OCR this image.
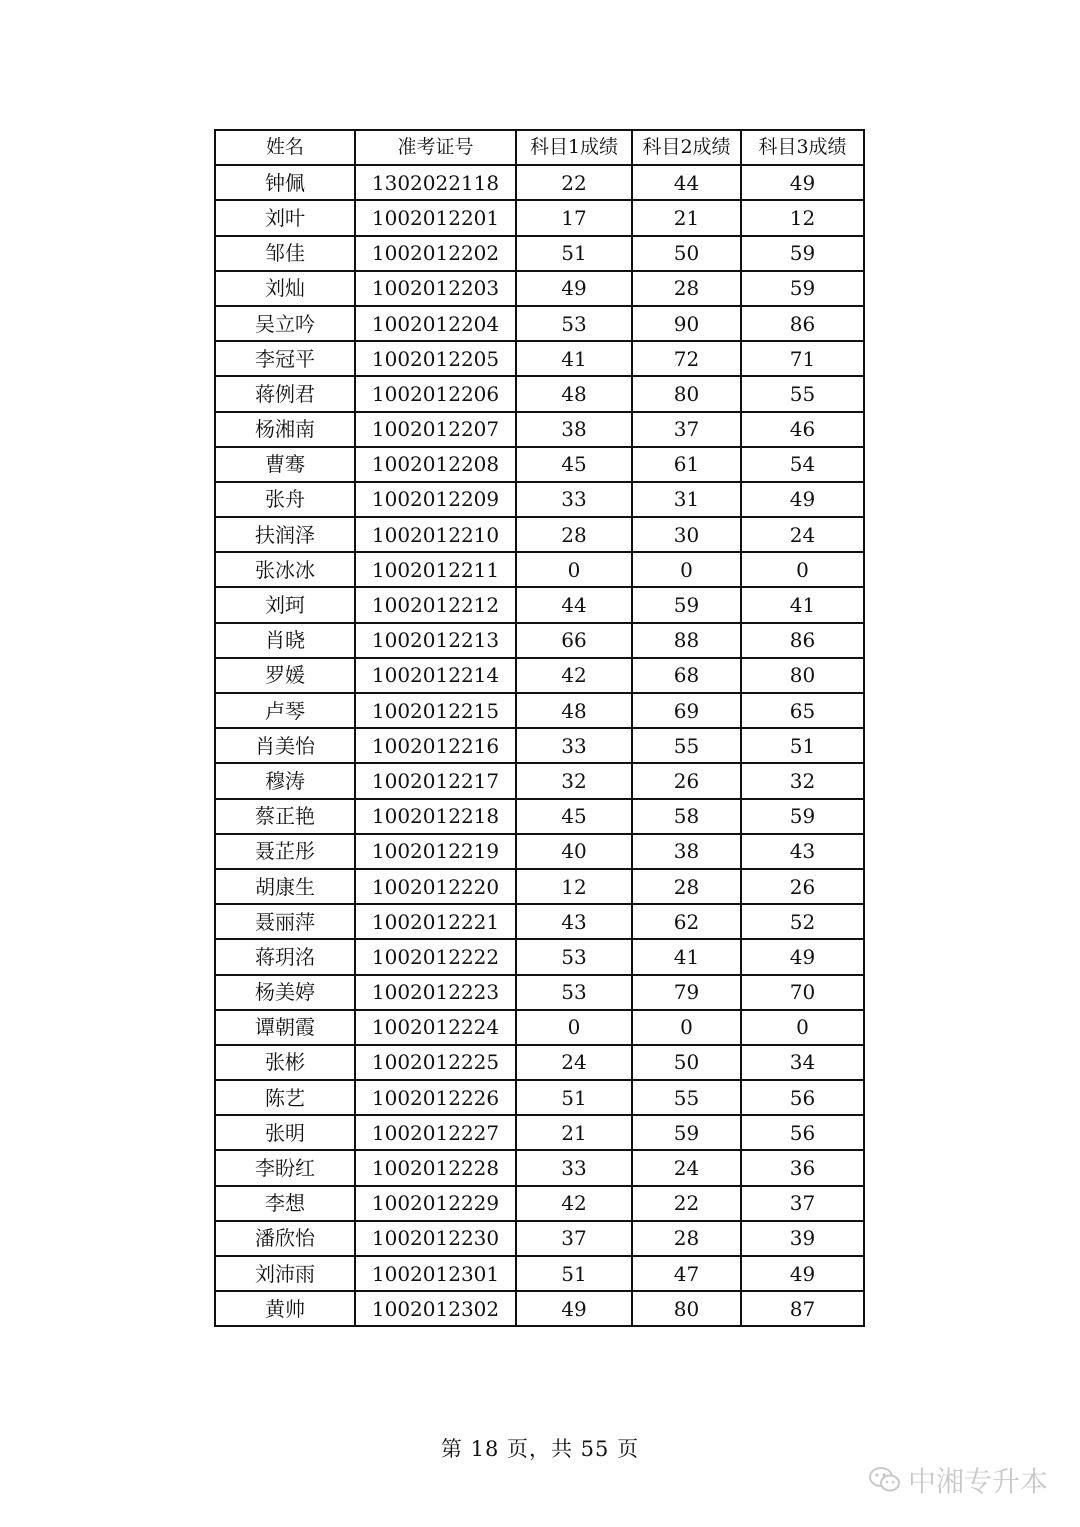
姓名	准考证号	科目1成绩	科目2成绩	科目3成绩
钟佩	1302022118	22	44	49
刘叶	1002012201	17	21	12
邹佳	1002012202	51	50	59
刘灿	1002012203	49	28	59
吴立吟	1002012204	53	90	86
李冠平	1002012205	41	72	71
蒋例君	1002012206	48	80	55
杨湘南	1002012207	38	37	46
曹骞	1002012208	45	61	54
张舟	1002012209	33	31	49
扶润泽	1002012210	28	30	24
张冰冰	1002012211	0	0	0
刘珂	1002012212	44	59	41
肖晓	1002012213	66	88	86
罗媛	1002012214	42	68	80
卢琴	1002012215	48	69	65
肖美怡	1002012216	33	55	51
穆涛	1002012217	32	26	32
蔡正艳	1002012218	45	58	59
聂芷彤	1002012219	40	38	43
胡康生	1002012220	12	28	26
聂丽萍	1002012221	43	62	52
蒋玥洺	1002012222	53	41	49
杨美婷	1002012223	53	79	70
谭朝霞	1002012224	0	0	0
张彬	1002012225	24	50	34
陈艺	1002012226	51	55	56
张明	1002012227	21	59	56
李盼红	1002012228	33	24	36
李想	1002012229	42	22	37
潘欣怡	1002012230	37	28	39
刘沛雨	1002012301	51	47	49
黄帅	1002012302	49	80	87
第 18 页，共 55 页
中湘专升本
